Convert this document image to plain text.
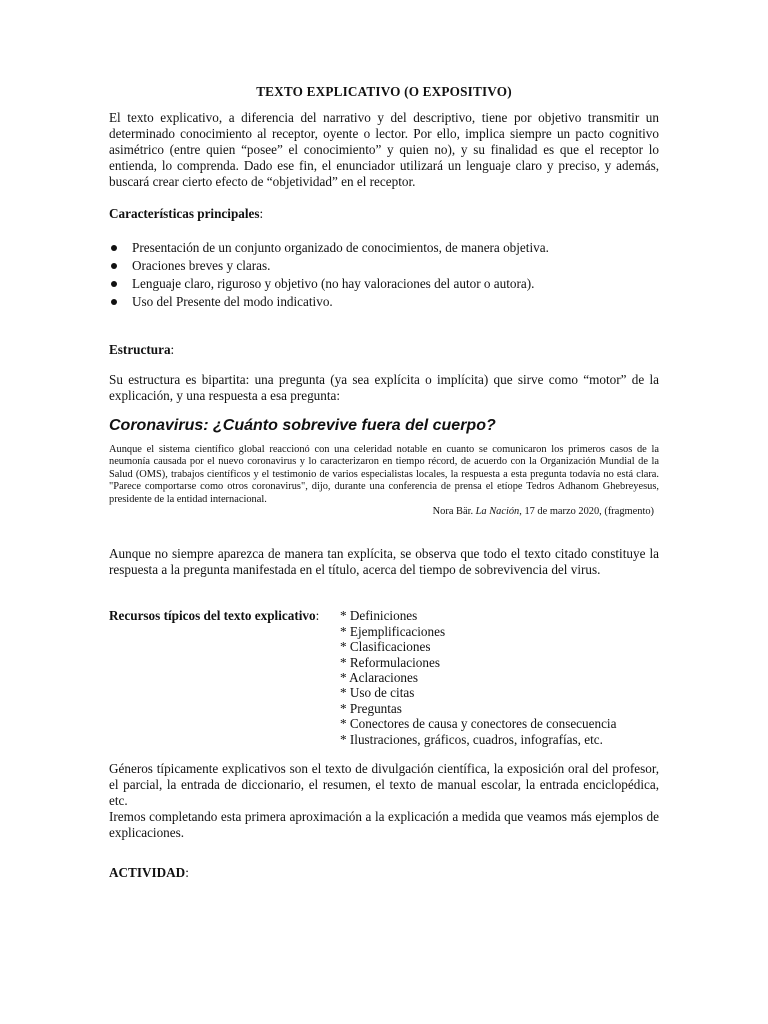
TEXTO EXPLICATIVO (O EXPOSITIVO)

El texto explicativo, a diferencia del narrativo y del descriptivo, tiene por objetivo transmitir un determinado conocimiento al receptor, oyente o lector. Por ello, implica siempre un pacto cognitivo asimétrico (entre quien “posee” el conocimiento” y quien no), y su finalidad es que el receptor lo entienda, lo comprenda. Dado ese fin, el enunciador utilizará un lenguaje claro y preciso, y además, buscará crear cierto efecto de “objetividad” en el receptor.

Características principales:
Presentación de un conjunto organizado de conocimientos, de manera objetiva.
Oraciones breves y claras.
Lenguaje claro, riguroso y objetivo (no hay valoraciones del autor o autora).
Uso del Presente del modo indicativo.
Estructura:

Su estructura es bipartita: una pregunta (ya sea explícita o implícita) que sirve como “motor” de la explicación, y una respuesta a esa pregunta:

Coronavirus: ¿Cuánto sobrevive fuera del cuerpo?

Aunque el sistema científico global reaccionó con una celeridad notable en cuanto se comunicaron los primeros casos de la neumonía causada por el nuevo coronavirus y lo caracterizaron en tiempo récord, de acuerdo con la Organización Mundial de la Salud (OMS), trabajos científicos y el testimonio de varios especialistas locales, la respuesta a esta pregunta todavía no está clara. "Parece comportarse como otros coronavirus", dijo, durante una conferencia de prensa el etíope Tedros Adhanom Ghebreyesus, presidente de la entidad internacional.

Nora Bär. La Nación, 17 de marzo 2020, (fragmento)

Aunque no siempre aparezca de manera tan explícita, se observa que todo el texto citado constituye la respuesta a la pregunta manifestada en el título, acerca del tiempo de sobrevivencia del virus.

Recursos típicos del texto explicativo:	* Definiciones
* Ejemplificaciones
* Clasificaciones
* Reformulaciones
* Aclaraciones
* Uso de citas
* Preguntas
* Conectores de causa y conectores de consecuencia
* Ilustraciones, gráficos, cuadros, infografías, etc.

Géneros típicamente explicativos son el texto de divulgación científica, la exposición oral del profesor, el parcial, la entrada de diccionario, el resumen, el texto de manual escolar, la entrada enciclopédica, etc.

Iremos completando esta primera aproximación a la explicación a medida que veamos más ejemplos de explicaciones.

ACTIVIDAD:
